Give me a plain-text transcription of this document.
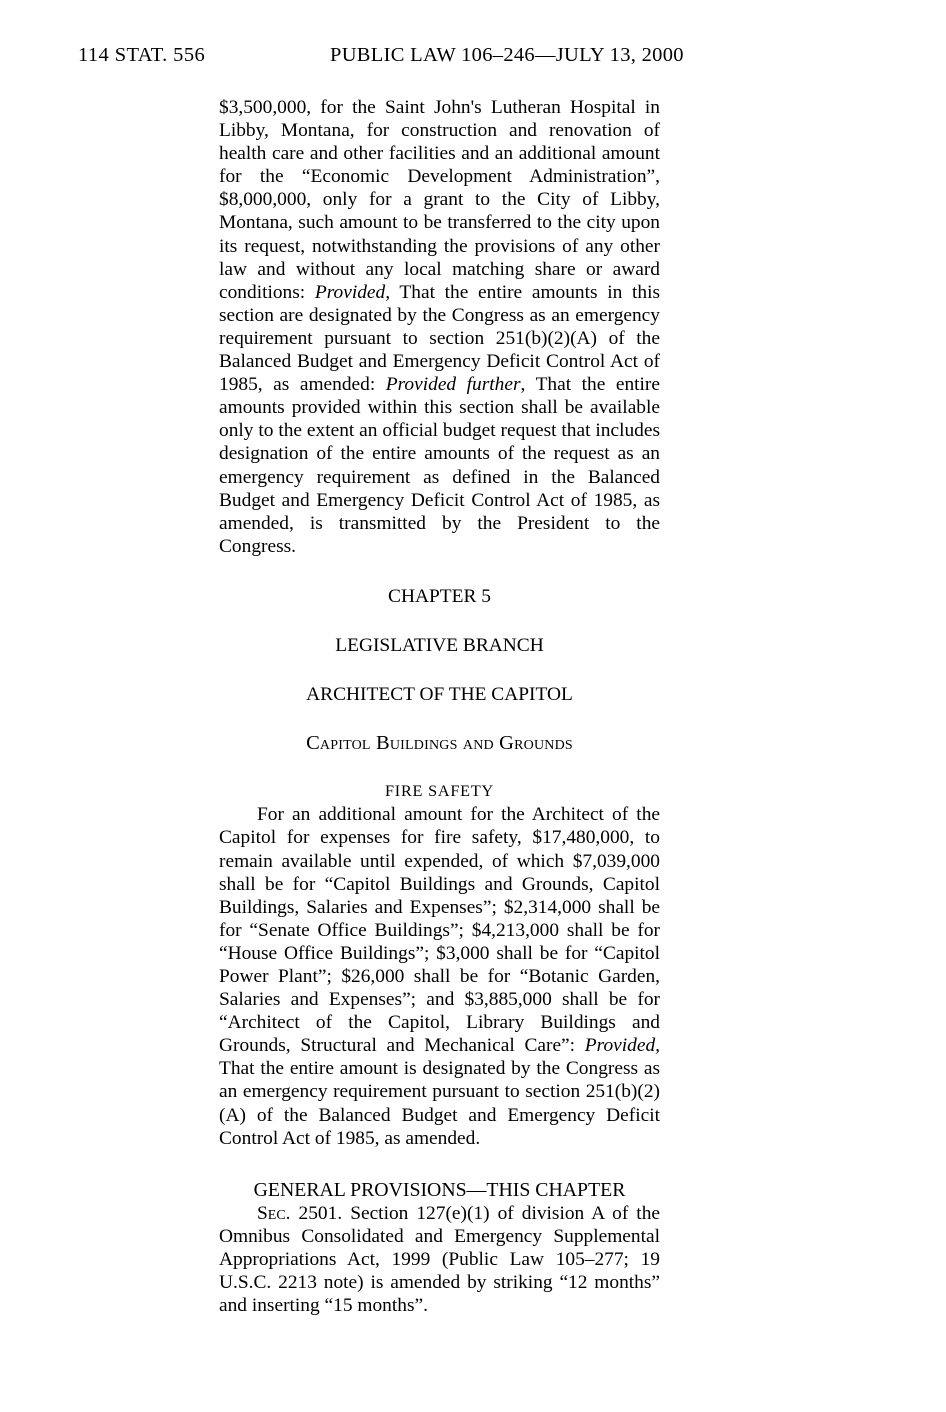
114 STAT. 556	PUBLIC LAW 106–246—JULY 13, 2000

$3,500,000, for the Saint John's Lutheran Hospital in Libby, Montana, for construction and renovation of health care and other facilities and an additional amount for the “Economic Development Administration”, $8,000,000, only for a grant to the City of Libby, Montana, such amount to be transferred to the city upon its request, notwithstanding the provisions of any other law and without any local matching share or award conditions: Provided, That the entire amounts in this section are designated by the Congress as an emergency requirement pursuant to section 251(b)(2)(A) of the Balanced Budget and Emergency Deficit Control Act of 1985, as amended: Provided further, That the entire amounts provided within this section shall be available only to the extent an official budget request that includes designation of the entire amounts of the request as an emergency requirement as defined in the Balanced Budget and Emergency Deficit Control Act of 1985, as amended, is transmitted by the President to the Congress.

CHAPTER 5
LEGISLATIVE BRANCH
ARCHITECT OF THE CAPITOL
Capitol Buildings and Grounds
FIRE SAFETY

For an additional amount for the Architect of the Capitol for expenses for fire safety, $17,480,000, to remain available until expended, of which $7,039,000 shall be for “Capitol Buildings and Grounds, Capitol Buildings, Salaries and Expenses”; $2,314,000 shall be for “Senate Office Buildings”; $4,213,000 shall be for “House Office Buildings”; $3,000 shall be for “Capitol Power Plant”; $26,000 shall be for “Botanic Garden, Salaries and Expenses”; and $3,885,000 shall be for “Architect of the Capitol, Library Buildings and Grounds, Structural and Mechanical Care”: Provided, That the entire amount is designated by the Congress as an emergency requirement pursuant to section 251(b)(2)(A) of the Balanced Budget and Emergency Deficit Control Act of 1985, as amended.

GENERAL PROVISIONS—THIS CHAPTER

Sec. 2501. Section 127(e)(1) of division A of the Omnibus Consolidated and Emergency Supplemental Appropriations Act, 1999 (Public Law 105–277; 19 U.S.C. 2213 note) is amended by striking “12 months” and inserting “15 months”.
